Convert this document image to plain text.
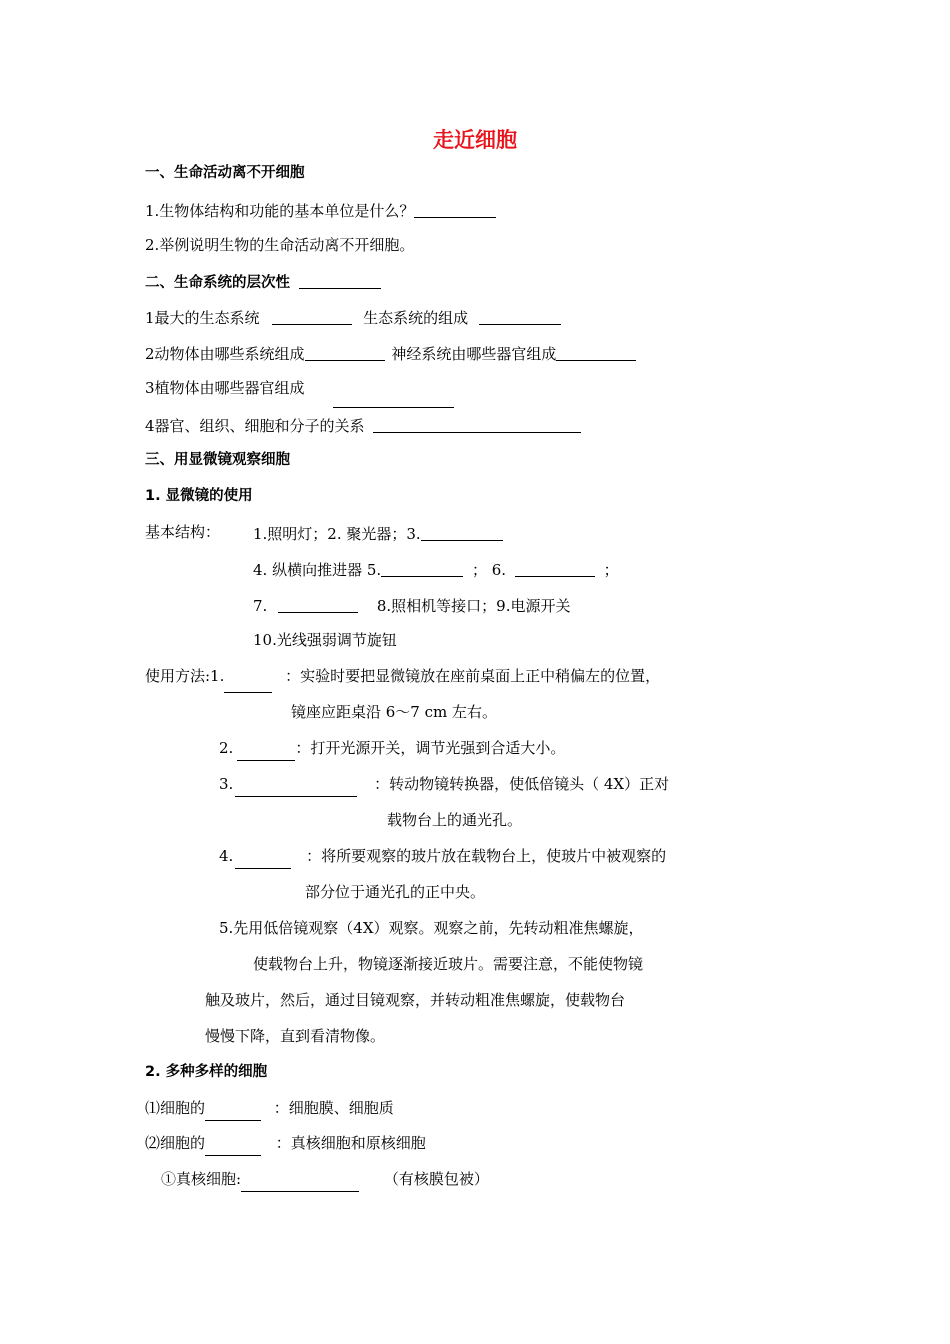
走近细胞
一、生命活动离不开细胞
1.生物体结构和功能的基本单位是什么？
2.举例说明生物的生命活动离不开细胞。
二、生命系统的层次性
1最大的生态系统	生态系统的组成
2动物体由哪些系统组成	神经系统由哪些器官组成
3植物体由哪些器官组成
4器官、组织、细胞和分子的关系
三、用显微镜观察细胞
1. 显微镜的使用
基本结构： 1.照明灯；2. 聚光器；3.
4. 纵横向推进器 5.	； 6.	；
7.	8.照相机等接口；9.电源开关
10.光线强弱调节旋钮
使用方法:1.	：实验时要把显微镜放在座前桌面上正中稍偏左的位置，
镜座应距桌沿 6～7 cm 左右。
2.	：打开光源开关，调节光强到合适大小。
3.	：转动物镜转换器，使低倍镜头（ 4X）正对
载物台上的通光孔。
4.	：将所要观察的玻片放在载物台上，使玻片中被观察的
部分位于通光孔的正中央。
5.先用低倍镜观察（4X）观察。观察之前，先转动粗准焦螺旋，
使载物台上升，物镜逐渐接近玻片。需要注意，不能使物镜
触及玻片，然后，通过目镜观察，并转动粗准焦螺旋，使载物台
慢慢下降，直到看清物像。
2. 多种多样的细胞
⑴细胞的	：细胞膜、细胞质
⑵细胞的	：真核细胞和原核细胞
①真核细胞:	（有核膜包被）
